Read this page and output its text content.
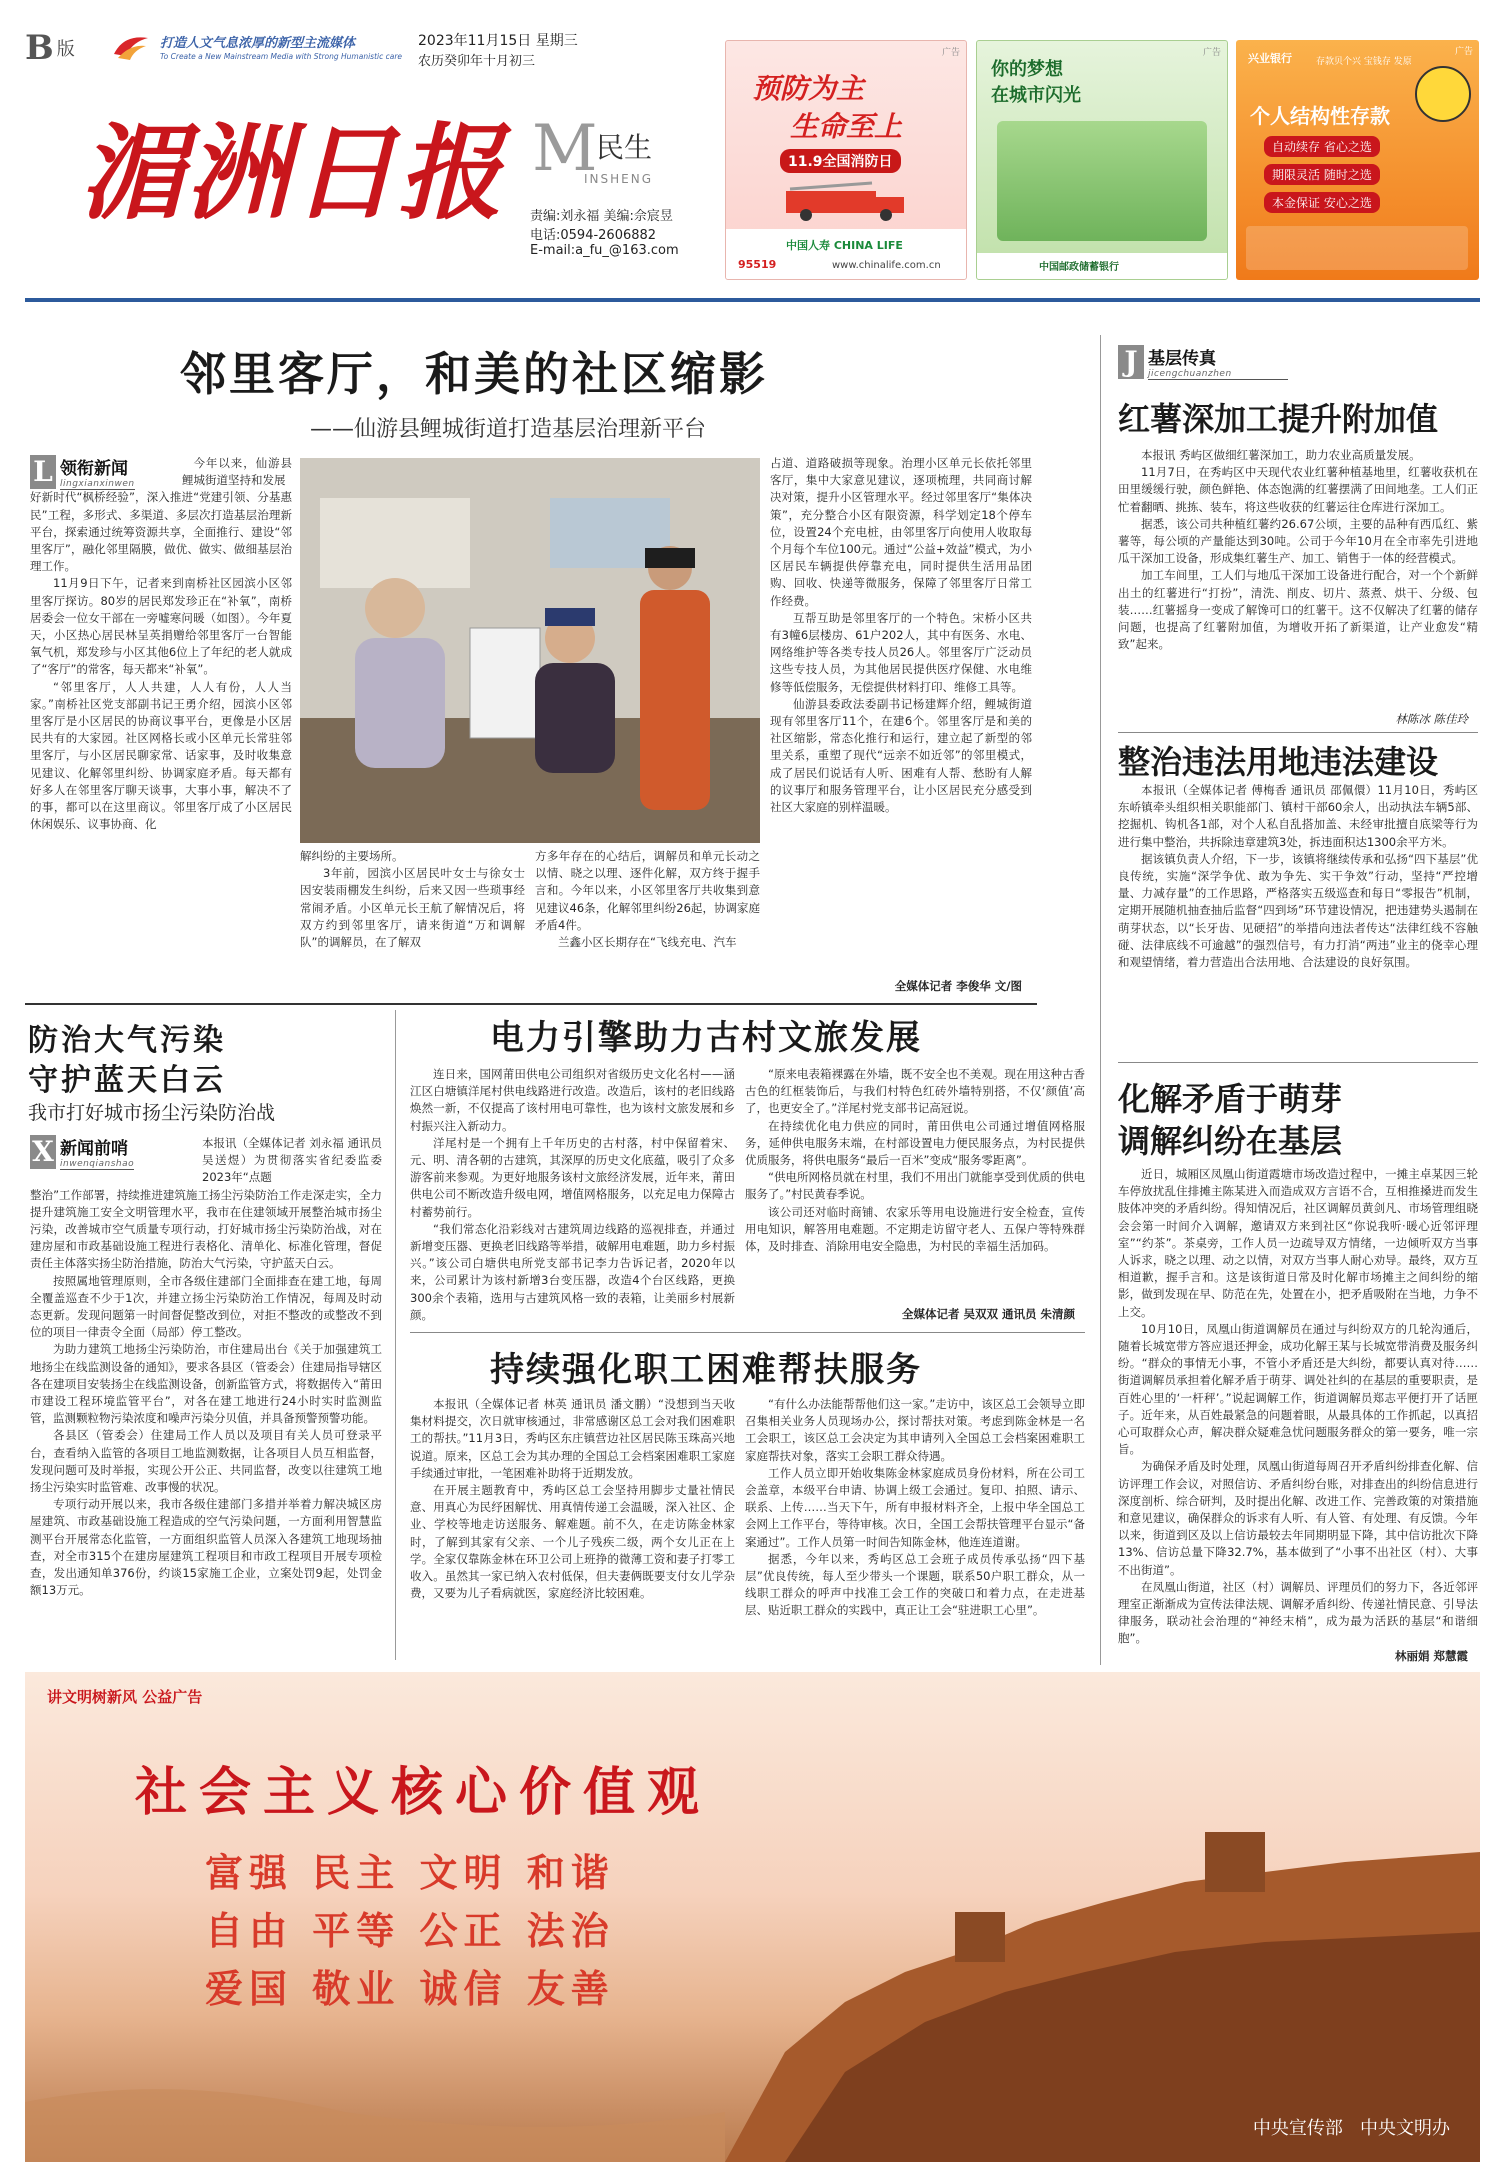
B 版	打造人文气息浓厚的新型主流媒体
To Create a New Mainstream Media with Strong Humanistic care
2023年11月15日 星期三
农历癸卯年十月初三
湄洲日报 M
民生
INSHENG
责编:刘永福 美编:佘宸昱
电话:0594-2606882
E-mail:a_fu_@163.com
广告
预防为主
生命至上
11.9全国消防日
中国人寿 CHINA LIFE
95519	www.chinalife.com.cn
广告
你的梦想
在城市闪光
中国邮政储蓄银行
广告
兴业银行	存款贝个兴 宝钱存 发原
个人结构性存款
自动续存 省心之选
期限灵活 随时之选
本金保证 安心之选
邻里客厅，和美的社区缩影
——仙游县鲤城街道打造基层治理新平台
L 领衔新闻
lingxianxinwen

今年以来，仙游县鲤城街道坚持和发展

好新时代“枫桥经验”，深入推进“党建引领、分基惠民”工程，多形式、多渠道、多层次打造基层治理新平台，探索通过统筹资源共享，全面推行、建设“邻里客厅”，融化邻里隔膜，做优、做实、做细基层治理工作。

11月9日下午，记者来到南桥社区园滨小区邻里客厅探访。80岁的居民郑发珍正在“补氧”，南桥居委会一位女干部在一旁嘘寒问暖（如图）。今年夏天，小区热心居民林呈英捐赠给邻里客厅一台智能氧气机，郑发珍与小区其他6位上了年纪的老人就成了“客厅”的常客，每天都来“补氧”。

“邻里客厅，人人共建，人人有份，人人当家。”南桥社区党支部副书记王勇介绍，园滨小区邻里客厅是小区居民的协商议事平台，更像是小区居民共有的大家园。社区网格长或小区单元长常驻邻里客厅，与小区居民聊家常、话家事，及时收集意见建议、化解邻里纠纷、协调家庭矛盾。每天都有好多人在邻里客厅聊天谈事，大事小事，解决不了的事，都可以在这里商议。邻里客厅成了小区居民休闲娱乐、议事协商、化

解纠纷的主要场所。

3年前，园滨小区居民叶女士与徐女士因安装雨棚发生纠纷，后来又因一些琐事经常闹矛盾。小区单元长王航了解情况后，将双方约到邻里客厅，请来街道“万和调解队”的调解员，在了解双

方多年存在的心结后，调解员和单元长动之以情、晓之以理、逐件化解，双方终于握手言和。今年以来，小区邻里客厅共收集到意见建议46条，化解邻里纠纷26起，协调家庭矛盾4件。

兰鑫小区长期存在“飞线充电、汽车

占道、道路破损等现象。治理小区单元长依托邻里客厅，集中大家意见建议，逐项梳理，共同商讨解决对策，提升小区管理水平。经过邻里客厅“集体决策”，充分整合小区有限资源，科学划定18个停车位，设置24个充电桩，由邻里客厅向使用人收取每个月每个车位100元。通过“公益+效益”模式，为小区居民车辆提供停靠充电，同时提供生活用品团购、回收、快递等微服务，保障了邻里客厅日常工作经费。

互帮互助是邻里客厅的一个特色。宋桥小区共有3幢6层楼房、61户202人，其中有医务、水电、网络维护等各类专技人员26人。邻里客厅广泛动员这些专技人员，为其他居民提供医疗保健、水电维修等低偿服务，无偿提供材料打印、维修工具等。

仙游县委政法委副书记杨建辉介绍，鲤城街道现有邻里客厅11个，在建6个。邻里客厅是和美的社区缩影，常态化推行和运行，建立起了新型的邻里关系，重塑了现代“远亲不如近邻”的邻里模式，成了居民们说话有人听、困难有人帮、愁盼有人解的议事厅和服务管理平台，让小区居民充分感受到社区大家庭的别样温暖。

全媒体记者 李俊华 文/图
J 基层传真
jicengchuanzhen
红薯深加工提升附加值

本报讯 秀屿区做细红薯深加工，助力农业高质量发展。

11月7日，在秀屿区中天现代农业红薯种植基地里，红薯收获机在田里缓缓行驶，颜色鲜艳、体态饱满的红薯摆满了田间地垄。工人们正忙着翻晒、挑拣、装车，将这些收获的红薯运往仓库进行深加工。

据悉，该公司共种植红薯约26.67公顷，主要的品种有西瓜红、紫薯等，每公顷的产量能达到30吨。公司于今年10月在全市率先引进地瓜干深加工设备，形成集红薯生产、加工、销售于一体的经营模式。

加工车间里，工人们与地瓜干深加工设备进行配合，对一个个新鲜出土的红薯进行“打扮”，清洗、削皮、切片、蒸煮、烘干、分级、包装……红薯摇身一变成了解馋可口的红薯干。这不仅解决了红薯的储存问题，也提高了红薯附加值，为增收开拓了新渠道，让产业愈发“精致”起来。

林陈冰 陈佳玲
整治违法用地违法建设

本报讯（全媒体记者 傅梅香 通讯员 邵佩儇）11月10日，秀屿区东峤镇牵头组织相关职能部门、镇村干部60余人，出动执法车辆5部、挖掘机、钩机各1部，对个人私自乱搭加盖、未经审批擅自底梁等行为进行集中整治，共拆除违章建筑3处，拆违面积达1300余平方米。

据该镇负责人介绍，下一步，该镇将继续传承和弘扬“四下基层”优良传统，实施“深学争优、敢为争先、实干争效”行动，坚持“严控增量、力减存量”的工作思路，严格落实五级巡查和每日“零报告”机制，定期开展随机抽查抽后监督“四到场”环节建设情况，把违建势头遏制在萌芽状态，以“长牙齿、见硬招”的举措向违法者传达“法律红线不容触碰、法律底线不可逾越”的强烈信号，有力打消“两违”业主的侥幸心理和观望情绪，着力营造出合法用地、合法建设的良好氛围。

化解矛盾于萌芽
调解纠纷在基层

近日，城厢区凤凰山街道霞塘市场改造过程中，一摊主卓某因三轮车停放扰乱住排摊主陈某进入而造成双方言语不合，互相推搡进而发生肢体冲突的矛盾纠纷。得知情况后，社区调解员黄剑凡、市场管理组晓会会第一时间介入调解，邀请双方来到社区“你说我听·暖心近邻评理室”“约茶”。茶桌旁，工作人员一边疏导双方情绪，一边倾听双方当事人诉求，晓之以理、动之以情，对双方当事人耐心劝导。最终，双方互相道歉，握手言和。这是该街道日常及时化解市场摊主之间纠纷的缩影，做到发现在早、防范在先，处置在小，把矛盾吸附在当地，力争不上交。

10月10日，凤凰山街道调解员在通过与纠纷双方的几轮沟通后，随着长城宽带方答应退还押金，成功化解王某与长城宽带消费及服务纠纷。“群众的事情无小事，不管小矛盾还是大纠纷，都要认真对待……街道调解员承担着化解矛盾于萌芽、调处社纠的在基层的重要职责，是百姓心里的‘一杆秤’。”说起调解工作，街道调解员郑志平便打开了话匣子。近年来，从百姓最紧急的问题着眼，从最具体的工作抓起，以真招心可取群众心声，解决群众疑难急忧问题服务群众的第一要务，唯一宗旨。

为确保矛盾及时处理，凤凰山街道每周召开矛盾纠纷排查化解、信访评理工作会议，对照信访、矛盾纠纷台账，对排查出的纠纷信息进行深度剖析、综合研判，及时提出化解、改进工作、完善政策的对策措施和意见建议，确保群众的诉求有人听、有人管、有处理、有反馈。今年以来，街道到区及以上信访最较去年同期明显下降，其中信访批次下降13%、信访总量下降32.7%，基本做到了“小事不出社区（村）、大事不出街道”。

在凤凰山街道，社区（村）调解员、评理员们的努力下，各近邻评理室正渐渐成为宣传法律法规、调解矛盾纠纷、传递社情民意、引导法律服务，联动社会治理的“神经末梢”，成为最为活跃的基层“和谐细胞”。

林丽娟 郑慧霞
防治大气污染
守护蓝天白云
我市打好城市扬尘污染防治战
X 新闻前哨
inwenqianshao

本报讯（全媒体记者 刘永福 通讯员 吴送煜）为贯彻落实省纪委监委2023年“点题

整治”工作部署，持续推进建筑施工扬尘污染防治工作走深走实，全力提升建筑施工安全文明管理水平，我市在住建领域开展整治城市扬尘污染，改善城市空气质量专项行动，打好城市扬尘污染防治战，对在建房屋和市政基础设施工程进行表格化、清单化、标准化管理，督促责任主体落实扬尘防治措施，防治大气污染，守护蓝天白云。

按照属地管理原则，全市各级住建部门全面排查在建工地，每周全覆盖巡查不少于1次，并建立扬尘污染防治工作情况，每周及时动态更新。发现问题第一时间督促整改到位，对拒不整改的或整改不到位的项目一律责令全面（局部）停工整改。

为助力建筑工地扬尘污染防治，市住建局出台《关于加强建筑工地扬尘在线监测设备的通知》，要求各县区（管委会）住建局指导辖区各在建项目安装扬尘在线监测设备，创新监管方式，将数据传入“莆田市建设工程环境监管平台”，对各在建工地进行24小时实时监测监管，监测颗粒物污染浓度和噪声污染分贝值，并具备预警预警功能。

各县区（管委会）住建局工作人员以及项目有关人员可登录平台，查看纳入监管的各项目工地监测数据，让各项目人员互相监督，发现问题可及时举报，实现公开公正、共同监督，改变以往建筑工地扬尘污染实时监管难、改事慢的状况。

专项行动开展以来，我市各级住建部门多措并举着力解决城区房屋建筑、市政基础设施工程造成的空气污染问题，一方面利用智慧监测平台开展常态化监管，一方面组织监管人员深入各建筑工地现场抽查，对全市315个在建房屋建筑工程项目和市政工程项目开展专项检查，发出通知单376份，约谈15家施工企业，立案处罚9起，处罚金额13万元。

电力引擎助力古村文旅发展

连日来，国网莆田供电公司组织对省级历史文化名村——涵江区白塘镇洋尾村供电线路进行改造。改造后，该村的老旧线路焕然一新，不仅提高了该村用电可靠性，也为该村文旅发展和乡村振兴注入新动力。

洋尾村是一个拥有上千年历史的古村落，村中保留着宋、元、明、清各朝的古建筑，其深厚的历史文化底蕴，吸引了众多游客前来参观。为更好地服务该村文旅经济发展，近年来，莆田供电公司不断改造升级电网，增值网格服务，以充足电力保障古村蓄势前行。

“我们常态化沿彩线对古建筑周边线路的巡视排查，并通过新增变压器、更换老旧线路等举措，破解用电难题，助力乡村振兴。”该公司白塘供电所党支部书记李力告诉记者，2020年以来，公司累计为该村新增3台变压器，改造4个台区线路，更换300余个表箱，选用与古建筑风格一致的表箱，让美丽乡村展新颜。

“原来电表箱裸露在外墙，既不安全也不美观。现在用这种古香古色的红框装饰后，与我们村特色红砖外墙特别搭，不仅‘颜值’高了，也更安全了。”洋尾村党支部书记高冠说。

在持续优化电力供应的同时，莆田供电公司通过增值网格服务，延伸供电服务末端，在村部设置电力便民服务点，为村民提供优质服务，将供电服务“最后一百米”变成“服务零距离”。

“供电所网格员就在村里，我们不用出门就能享受到优质的供电服务了。”村民黄春季说。

该公司还对临时商铺、农家乐等用电设施进行安全检查，宣传用电知识，解答用电难题。不定期走访留守老人、五保户等特殊群体，及时排查、消除用电安全隐患，为村民的幸福生活加码。

全媒体记者 吴双双 通讯员 朱清颜
持续强化职工困难帮扶服务

本报讯（全媒体记者 林英 通讯员 潘文鹏）“没想到当天收集材料提交，次日就审核通过，非常感谢区总工会对我们困难职工的帮扶。”11月3日，秀屿区东庄镇营边社区居民陈玉珠高兴地说道。原来，区总工会为其办理的全国总工会档案困难职工家庭手续通过审批，一笔困难补助将于近期发放。

在开展主题教育中，秀屿区总工会坚持用脚步丈量社情民意、用真心为民纾困解忧、用真情传递工会温暖，深入社区、企业、学校等地走访送服务、解难题。前不久，在走访陈金林家时，了解到其家有父亲、一个儿子残疾二级，两个女儿正在上学。全家仅靠陈金林在环卫公司上班挣的微薄工资和妻子打零工收入。虽然其一家已纳入农村低保，但夫妻俩既要支付女儿学杂费，又要为儿子看病就医，家庭经济比较困难。

“有什么办法能帮帮他们这一家。”走访中，该区总工会领导立即召集相关业务人员现场办公，探讨帮扶对策。考虑到陈金林是一名工会职工，该区总工会决定为其申请列入全国总工会档案困难职工家庭帮扶对象，落实工会职工群众待遇。

工作人员立即开始收集陈金林家庭成员身份材料，所在公司工会盖章，本级平台申请、协调上级工会通过。复印、拍照、请示、联系、上传……当天下午，所有申报材料齐全，上报中华全国总工会网上工作平台，等待审核。次日，全国工会帮扶管理平台显示“备案通过”。工作人员第一时间告知陈金林，他连连道谢。

据悉，今年以来，秀屿区总工会班子成员传承弘扬“四下基层”优良传统，每人至少带头一个课题，联系50户职工群众，从一线职工群众的呼声中找准工会工作的突破口和着力点，在走进基层、贴近职工群众的实践中，真正让工会“驻进职工心里”。

讲文明树新风 公益广告
社会主义核心价值观
富强 民主 文明 和谐
自由 平等 公正 法治
爱国 敬业 诚信 友善
中央宣传部   中央文明办
